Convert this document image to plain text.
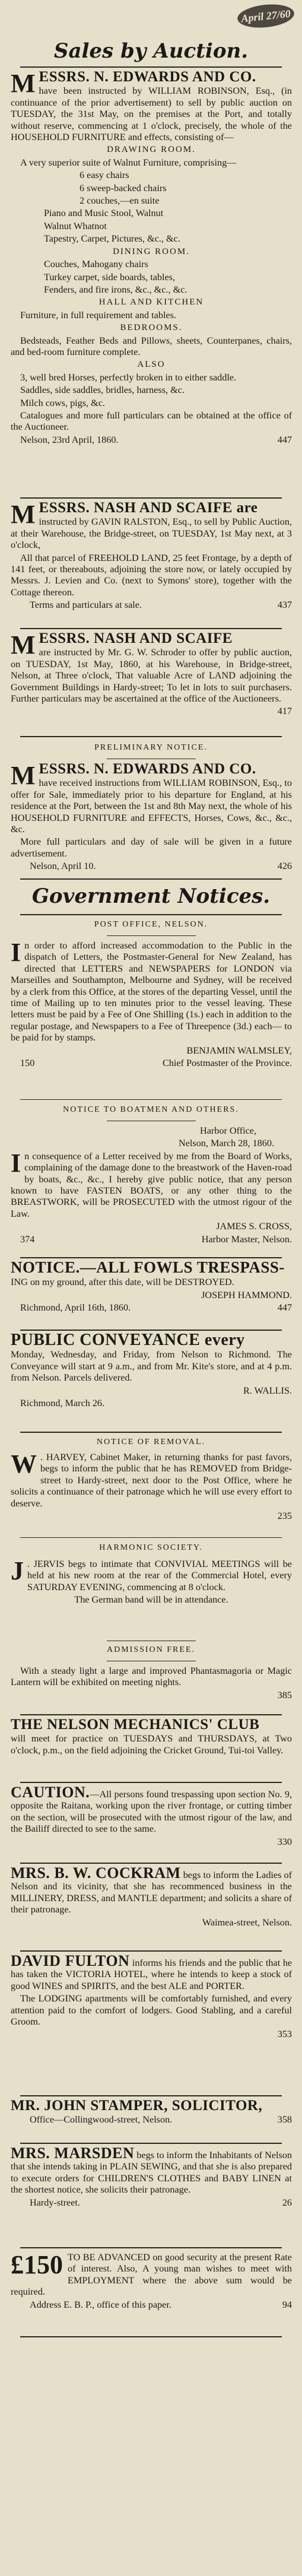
April 27/60
Sales by Auction.

MESSRS. N. EDWARDS AND CO.

have been instructed by WILLIAM ROBINSON, Esq., (in continuance of the prior advertisement) to sell by public auction on TUESDAY, the 31st May, on the premises at the Port, and totally without reserve, commencing at 1 o'clock, precisely, the whole of the HOUSEHOLD FURNITURE and effects, consisting of—

DRAWING ROOM.

A very superior suite of Walnut Furniture, comprising—

6 easy chairs

6 sweep-backed chairs

2 couches,—en suite

Piano and Music Stool, Walnut

Walnut Whatnot

Tapestry, Carpet, Pictures, &c., &c.

DINING ROOM.

Couches, Mahogany chairs

Turkey carpet, side boards, tables,

Fenders, and fire irons, &c., &c., &c.

HALL AND KITCHEN

Furniture, in full requirement and tables.

BEDROOMS.

Bedsteads, Feather Beds and Pillows, sheets, Counterpanes, chairs, and bed-room furniture complete.

ALSO

3, well bred Horses, perfectly broken in to either saddle.

Saddles, side saddles, bridles, harness, &c.

Milch cows, pigs, &c.

Catalogues and more full particulars can be obtained at the office of the Auctioneer.

Nelson, 23rd April, 1860.	447

MESSRS. NASH AND SCAIFE are

instructed by GAVIN RALSTON, Esq., to sell by Public Auction, at their Warehouse, the Bridge-street, on TUESDAY, 1st May next, at 3 o'clock,

All that parcel of FREEHOLD LAND, 25 feet Frontage, by a depth of 141 feet, or thereabouts, adjoining the store now, or lately occupied by Messrs. J. Levien and Co. (next to Symons' store), together with the Cottage thereon.

Terms and particulars at sale.	437

MESSRS. NASH AND SCAIFE

are instructed by Mr. G. W. Schroder to offer by public auction, on TUESDAY, 1st May, 1860, at his Warehouse, in Bridge-street, Nelson, at Three o'clock, That valuable Acre of LAND adjoining the Government Buildings in Hardy-street; To let in lots to suit purchasers. Further particulars may be ascertained at the office of the Auctioneers.

417

PRELIMINARY NOTICE.

MESSRS. N. EDWARDS AND CO.

have received instructions from WILLIAM ROBINSON, Esq., to offer for Sale, immediately prior to his departure for England, at his residence at the Port, between the 1st and 8th May next, the whole of his HOUSEHOLD FURNITURE and EFFECTS, Horses, Cows, &c., &c., &c.

More full particulars and day of sale will be given in a future advertisement.

Nelson, April 10.	426

Government Notices.
POST OFFICE, NELSON.

In order to afford increased accommodation to the Public in the dispatch of Letters, the Postmaster-General for New Zealand, has directed that LETTERS and NEWSPAPERS for LONDON via Marseilles and Southampton, Melbourne and Sydney, will be received by a clerk from this Office, at the stores of the departing Vessel, until the time of Mailing up to ten minutes prior to the vessel leaving. These letters must be paid by a Fee of One Shilling (1s.) each in addition to the regular postage, and Newspapers to a Fee of Threepence (3d.) each— to be paid for by stamps.

BENJAMIN WALMSLEY,

150	Chief Postmaster of the Province.

NOTICE TO BOATMEN AND OTHERS.

Harbor Office,

Nelson, March 28, 1860.

In consequence of a Letter received by me from the Board of Works, complaining of the damage done to the breastwork of the Haven-road by boats, &c., &c., I hereby give public notice, that any person known to have FASTEN BOATS, or any other thing to the BREASTWORK, will be PROSECUTED with the utmost rigour of the Law.

JAMES S. CROSS,

374	Harbor Master, Nelson.

NOTICE.—ALL FOWLS TRESPASS-

ING on my ground, after this date, will be DESTROYED.

JOSEPH HAMMOND.

Richmond, April 16th, 1860.	447

PUBLIC CONVEYANCE every

Monday, Wednesday, and Friday, from Nelson to Richmond. The Conveyance will start at 9 a.m., and from Mr. Kite's store, and at 4 p.m. from Nelson. Parcels delivered.

R. WALLIS.

Richmond, March 26.

NOTICE OF REMOVAL.

W . HARVEY, Cabinet Maker, in returning thanks for past favors, begs to inform the public that he has REMOVED from Bridge-street to Hardy-street, next door to the Post Office, where he solicits a continuance of their patronage which he will use every effort to deserve.

235

HARMONIC SOCIETY.

J . JERVIS begs to intimate that CONVIVIAL MEETINGS will be held at his new room at the rear of the Commercial Hotel, every SATURDAY EVENING, commencing at 8 o'clock.

The German band will be in attendance.

ADMISSION FREE.

With a steady light a large and improved Phantasmagoria or Magic Lantern will be exhibited on meeting nights.

385

THE NELSON MECHANICS' CLUB

will meet for practice on TUESDAYS and THURSDAYS, at Two o'clock, p.m., on the field adjoining the Cricket Ground, Tui-toi Valley.

CAUTION.—All persons found trespassing upon section No. 9, opposite the Raitana, working upon the river frontage, or cutting timber on the section, will be prosecuted with the utmost rigour of the law, and the Bailiff directed to see to the same.

330

MRS. B. W. COCKRAM begs to inform the Ladies of Nelson and its vicinity, that she has recommenced business in the MILLINERY, DRESS, and MANTLE department; and solicits a share of their patronage.

Waimea-street, Nelson.

DAVID FULTON informs his friends and the public that he has taken the VICTORIA HOTEL, where he intends to keep a stock of good WINES and SPIRITS, and the best ALE and PORTER.

The LODGING apartments will be comfortably furnished, and every attention paid to the comfort of lodgers. Good Stabling, and a careful Groom.

353

MR. JOHN STAMPER, SOLICITOR,

Office—Collingwood-street, Nelson.	358

MRS. MARSDEN begs to inform the Inhabitants of Nelson that she intends taking in PLAIN SEWING, and that she is also prepared to execute orders for CHILDREN'S CLOTHES and BABY LINEN at the shortest notice, she solicits their patronage.

Hardy-street.	26

£150 TO BE ADVANCED on good security at the present Rate of interest. Also, A young man wishes to meet with EMPLOYMENT where the above sum would be required.

Address E. B. P., office of this paper.	94
